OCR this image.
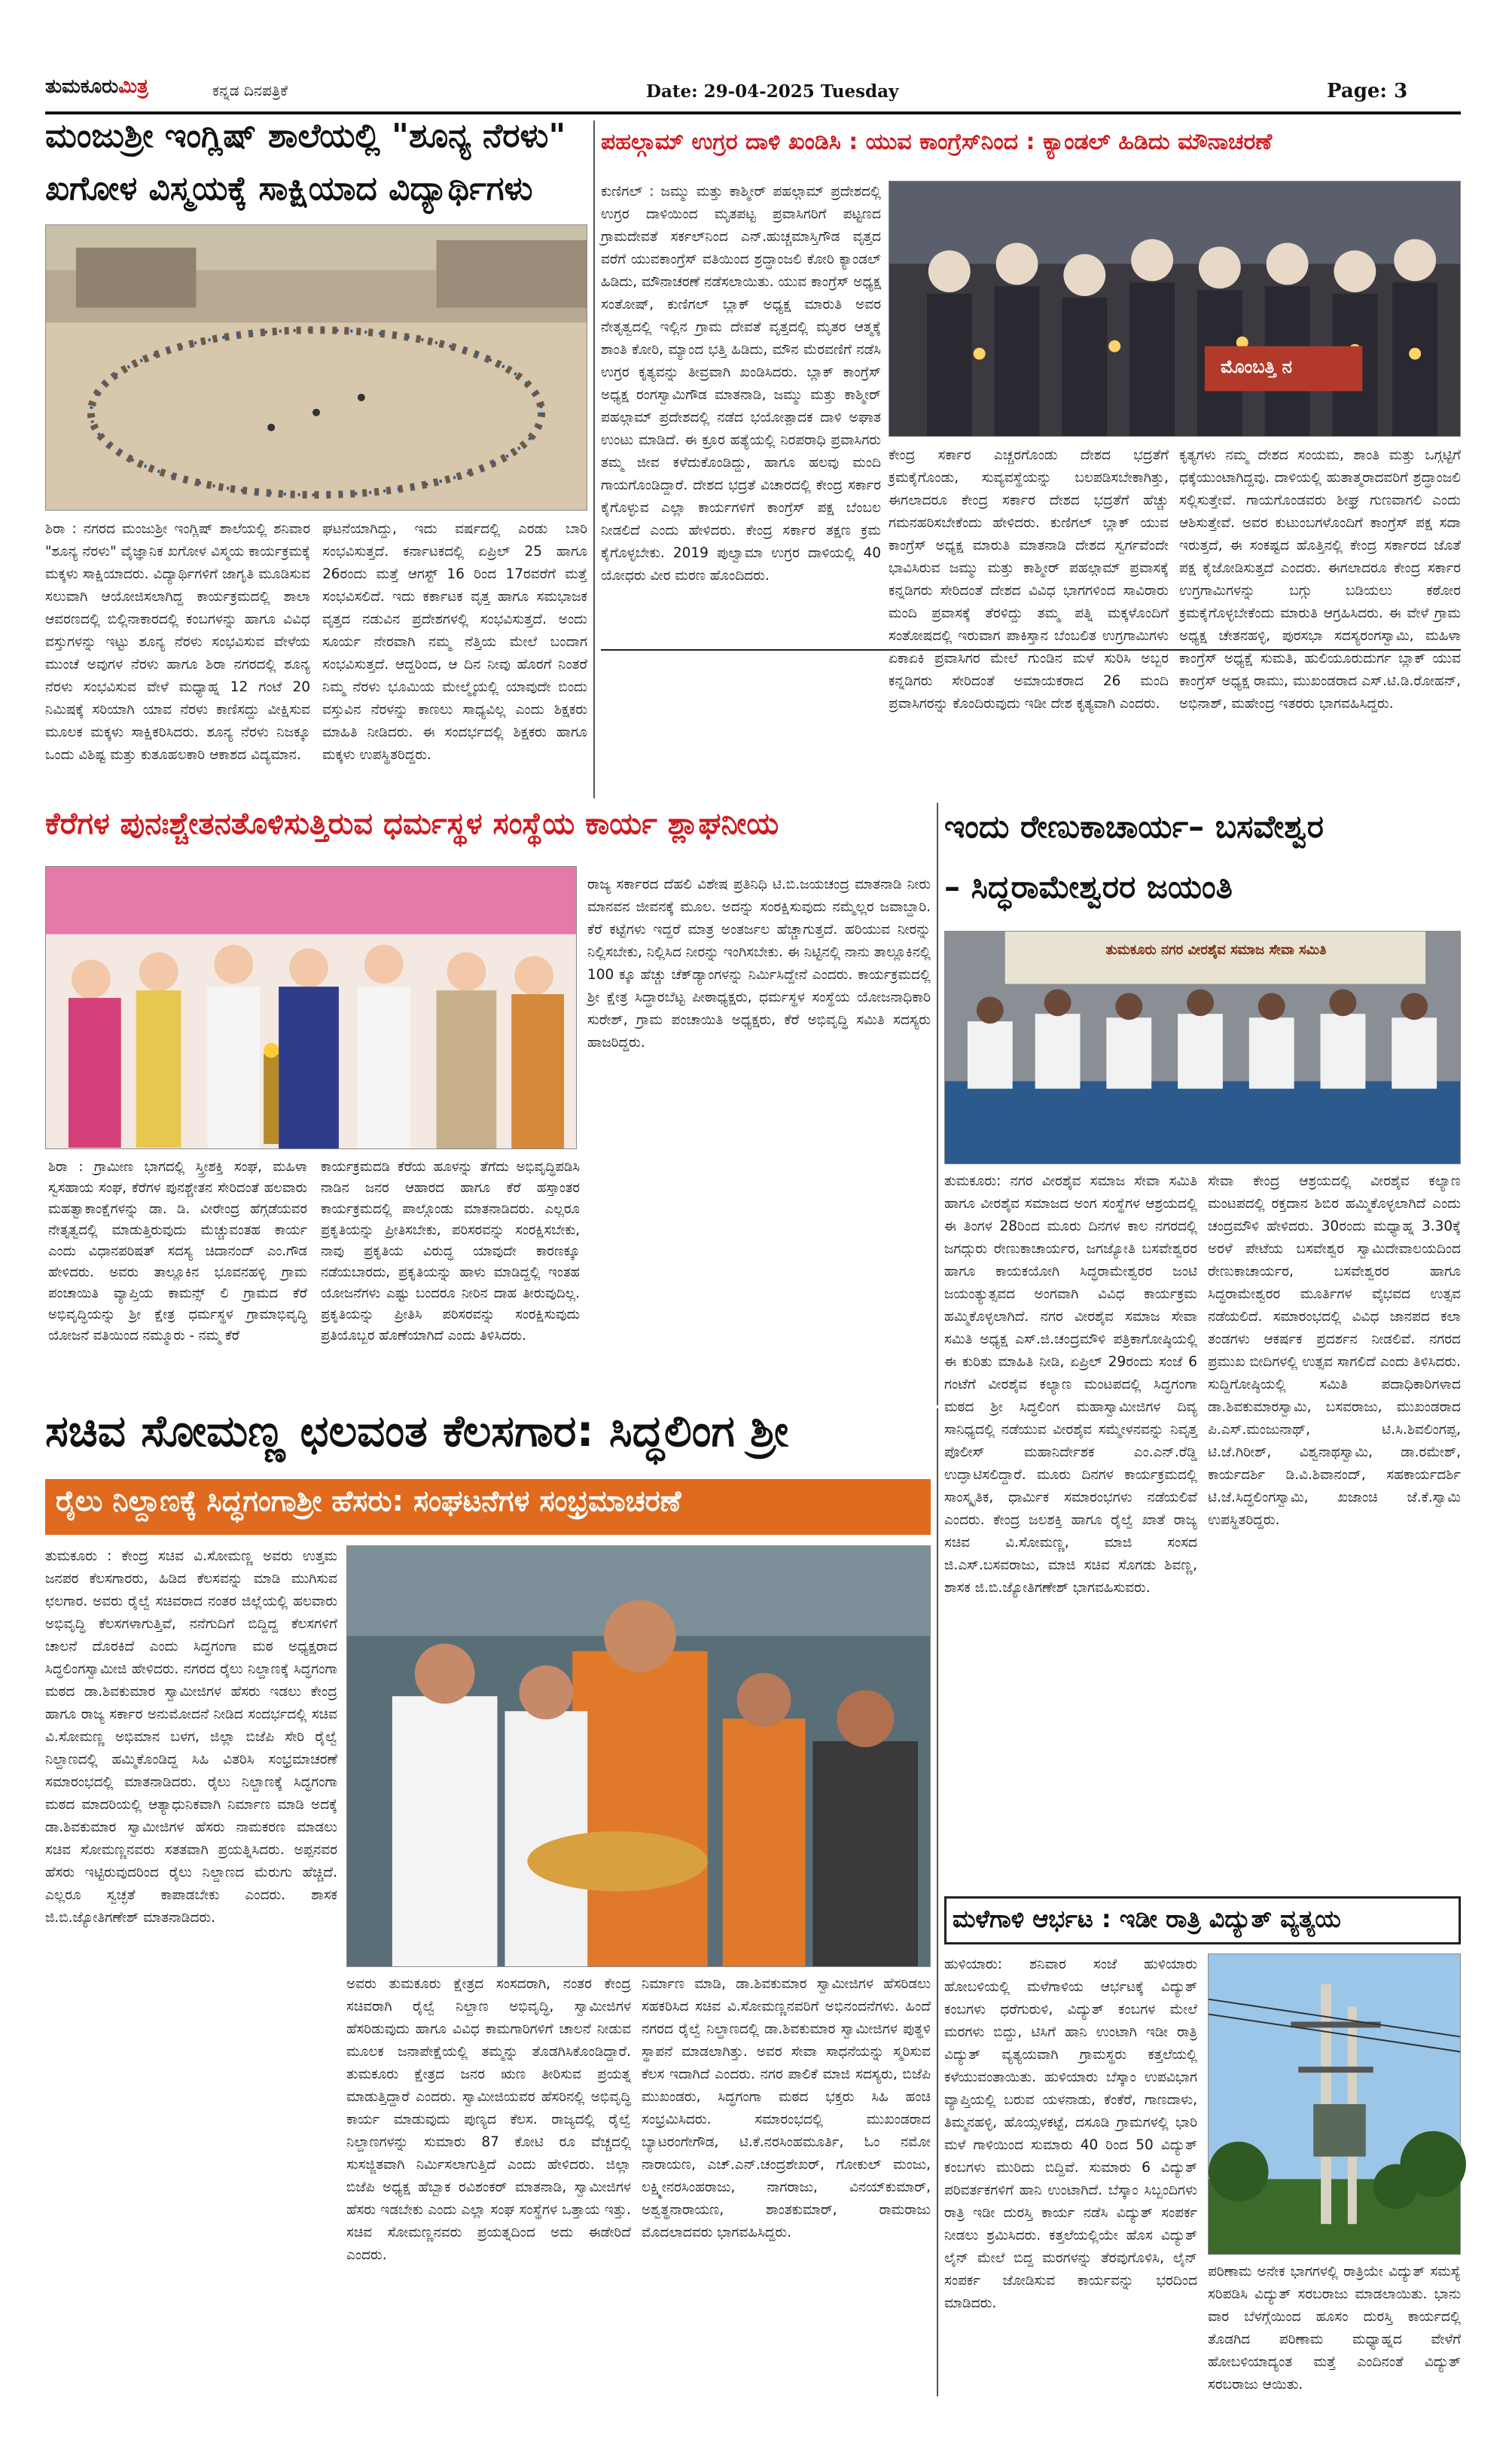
ತುಮಕೂರುಮಿತ್ರ	ಕನ್ನಡ ದಿನಪತ್ರಿಕೆ	Date: 29-04-2025 Tuesday	Page: 3
ಮಂಜುಶ್ರೀ ಇಂಗ್ಲಿಷ್ ಶಾಲೆಯಲ್ಲಿ "ಶೂನ್ಯ ನೆರಳು"
ಖಗೋಳ ವಿಸ್ಮಯಕ್ಕೆ ಸಾಕ್ಷಿಯಾದ ವಿದ್ಯಾರ್ಥಿಗಳು
ಶಿರಾ : ನಗರದ ಮಂಜುಶ್ರೀ ಇಂಗ್ಲಿಷ್ ಶಾಲೆಯಲ್ಲಿ ಶನಿವಾರ "ಶೂನ್ಯ ನೆರಳು" ವೈಜ್ಞಾನಿಕ ಖಗೋಳ ವಿಸ್ಮಯ ಕಾರ್ಯಕ್ರಮಕ್ಕೆ ಮಕ್ಕಳು ಸಾಕ್ಷಿಯಾದರು. ವಿದ್ಯಾರ್ಥಿಗಳಿಗೆ ಜಾಗೃತಿ ಮೂಡಿಸುವ ಸಲುವಾಗಿ ಆಯೋಜಿಸಲಾಗಿದ್ದ ಕಾರ್ಯಕ್ರಮದಲ್ಲಿ ಶಾಲಾ ಆವರಣದಲ್ಲಿ ಬಿಲ್ಲಿನಾಕಾರದಲ್ಲಿ ಕಂಬಗಳನ್ನು ಹಾಗೂ ವಿವಿಧ ವಸ್ತುಗಳನ್ನು ಇಟ್ಟು ಶೂನ್ಯ ನೆರಳು ಸಂಭವಿಸುವ ವೇಳೆಯ ಮುಂಚೆ ಅವುಗಳ ನೆರಳು ಹಾಗೂ ಶಿರಾ ನಗರದಲ್ಲಿ ಶೂನ್ಯ ನೆರಳು ಸಂಭವಿಸುವ ವೇಳೆ ಮಧ್ಯಾಹ್ನ 12 ಗಂಟೆ 20 ನಿಮಿಷಕ್ಕೆ ಸರಿಯಾಗಿ ಯಾವ ನೆರಳು ಕಾಣಿಸದ್ದು ವೀಕ್ಷಿಸುವ ಮೂಲಕ ಮಕ್ಕಳು ಸಾಕ್ಷಿಕರಿಸಿದರು. ಶೂನ್ಯ ನೆರಳು ನಿಜಕ್ಕೂ ಒಂದು ವಿಶಿಷ್ಟ ಮತ್ತು ಕುತೂಹಲಕಾರಿ ಆಕಾಶದ ವಿದ್ಯಮಾನ.
ಘಟನೆಯಾಗಿದ್ದು, ಇದು ವರ್ಷದಲ್ಲಿ ಎರಡು ಬಾರಿ ಸಂಭವಿಸುತ್ತದೆ. ಕರ್ನಾಟಕದಲ್ಲಿ ಏಪ್ರಿಲ್ 25 ಹಾಗೂ 26ರಂದು ಮತ್ತೆ ಆಗಸ್ಟ್ 16 ರಿಂದ 17ರವರೆಗೆ ಮತ್ತೆ ಸಂಭವಿಸಲಿದೆ. ಇದು ಕರ್ಕಾಟಕ ವೃತ್ತ ಹಾಗೂ ಸಮಭಾಜಕ ವೃತ್ತದ ನಡುವಿನ ಪ್ರದೇಶಗಳಲ್ಲಿ ಸಂಭವಿಸುತ್ತದೆ. ಅಂದು ಸೂರ್ಯ ನೇರವಾಗಿ ನಮ್ಮ ನೆತ್ತಿಯ ಮೇಲೆ ಬಂದಾಗ ಸಂಭವಿಸುತ್ತದೆ. ಆದ್ದರಿಂದ, ಆ ದಿನ ನೀವು ಹೊರಗೆ ನಿಂತರೆ ನಿಮ್ಮ ನೆರಳು ಭೂಮಿಯ ಮೇಲ್ಮೈಯಲ್ಲಿ ಯಾವುದೇ ಬಿಂದು ವಸ್ತುವಿನ ನೆರಳನ್ನು ಕಾಣಲು ಸಾಧ್ಯವಿಲ್ಲ ಎಂದು ಶಿಕ್ಷಕರು ಮಾಹಿತಿ ನೀಡಿದರು. ಈ ಸಂದರ್ಭದಲ್ಲಿ ಶಿಕ್ಷಕರು ಹಾಗೂ ಮಕ್ಕಳು ಉಪಸ್ಥಿತರಿದ್ದರು.
ಪಹಲ್ಗಾಮ್ ಉಗ್ರರ ದಾಳಿ ಖಂಡಿಸಿ : ಯುವ ಕಾಂಗ್ರೆಸ್‌ನಿಂದ : ಕ್ಯಾಂಡಲ್ ಹಿಡಿದು ಮೌನಾಚರಣೆ
ಕುಣಿಗಲ್ : ಜಮ್ಮು ಮತ್ತು ಕಾಶ್ಮೀರ್ ಪಹಲ್ಗಾಮ್ ಪ್ರದೇಶದಲ್ಲಿ ಉಗ್ರರ ದಾಳಿಯಿಂದ ಮೃತಪಟ್ಟ ಪ್ರವಾಸಿಗರಿಗೆ ಪಟ್ಟಣದ ಗ್ರಾಮದೇವತೆ ಸರ್ಕಲ್‌ನಿಂದ ಎನ್.ಹುಚ್ಚಮಾಸ್ತಿಗೌಡ ವೃತ್ತದ ವರೆಗೆ ಯುವಕಾಂಗ್ರೆಸ್ ವತಿಯಿಂದ ಶ್ರದ್ಧಾಂಜಲಿ ಕೋರಿ ಕ್ಯಾಂಡಲ್ ಹಿಡಿದು, ಮೌನಾಚರಣೆ ನಡೆಸಲಾಯಿತು. ಯುವ ಕಾಂಗ್ರೆಸ್ ಅಧ್ಯಕ್ಷ ಸಂತೋಷ್, ಕುಣಿಗಲ್ ಬ್ಲಾಕ್ ಅಧ್ಯಕ್ಷ ಮಾರುತಿ ಅವರ ನೇತೃತ್ವದಲ್ಲಿ ಇಲ್ಲಿನ ಗ್ರಾಮ ದೇವತೆ ವೃತ್ತದಲ್ಲಿ ಮೃತರ ಆತ್ಮಕ್ಕೆ ಶಾಂತಿ ಕೋರಿ, ಮ್ಯಾಂದ ಭತ್ತಿ ಹಿಡಿದು, ಮೌನ ಮೆರವಣಿಗೆ ನಡೆಸಿ ಉಗ್ರರ ಕೃತ್ಯವನ್ನು ತೀವ್ರವಾಗಿ ಖಂಡಿಸಿದರು. ಬ್ಲಾಕ್ ಕಾಂಗ್ರೆಸ್ ಅಧ್ಯಕ್ಷ ರಂಗಸ್ವಾಮಿಗೌಡ ಮಾತನಾಡಿ, ಜಮ್ಮು ಮತ್ತು ಕಾಶ್ಮೀರ್ ಪಹಲ್ಗಾಮ್ ಪ್ರದೇಶದಲ್ಲಿ ನಡೆದ ಭಯೋತ್ಪಾದಕ ದಾಳಿ ಅಘಾತ ಉಂಟು ಮಾಡಿದೆ. ಈ ಕ್ರೂರ ಹತ್ಯೆಯಲ್ಲಿ ನಿರಪರಾಧಿ ಪ್ರವಾಸಿಗರು ತಮ್ಮ ಜೀವ ಕಳೆದುಕೊಂಡಿದ್ದು, ಹಾಗೂ ಹಲವು ಮಂದಿ ಗಾಯಗೊಂಡಿದ್ದಾರೆ. ದೇಶದ ಭದ್ರತೆ ವಿಚಾರದಲ್ಲಿ ಕೇಂದ್ರ ಸರ್ಕಾರ ಕೈಗೊಳ್ಳುವ ಎಲ್ಲಾ ಕಾರ್ಯಗಳಿಗೆ ಕಾಂಗ್ರೆಸ್ ಪಕ್ಷ ಬೆಂಬಲ ನೀಡಲಿದೆ ಎಂದು ಹೇಳಿದರು. ಕೇಂದ್ರ ಸರ್ಕಾರ ತಕ್ಷಣ ಕ್ರಮ ಕೈಗೊಳ್ಳಬೇಕು. 2019 ಪುಲ್ವಾಮಾ ಉಗ್ರರ ದಾಳಿಯಲ್ಲಿ 40 ಯೋಧರು ವೀರ ಮರಣ ಹೊಂದಿದರು.
ಮೊಂಬತ್ತಿ ನ
ಕೇಂದ್ರ ಸರ್ಕಾರ ಎಚ್ಚರಗೊಂಡು ದೇಶದ ಭದ್ರತೆಗೆ ಕ್ರಮಕೈಗೊಂಡು, ಸುವ್ಯವಸ್ಥೆಯನ್ನು ಬಲಪಡಿಸಬೇಕಾಗಿತ್ತು, ಈಗಲಾದರೂ ಕೇಂದ್ರ ಸರ್ಕಾರ ದೇಶದ ಭದ್ರತೆಗೆ ಹೆಚ್ಚು ಗಮನಹರಿಸಬೇಕೆಂದು ಹೇಳಿದರು. ಕುಣಿಗಲ್ ಬ್ಲಾಕ್ ಯುವ ಕಾಂಗ್ರೆಸ್ ಅಧ್ಯಕ್ಷ ಮಾರುತಿ ಮಾತನಾಡಿ ದೇಶದ ಸ್ವರ್ಗವೆಂದೇ ಭಾವಿಸಿರುವ ಜಮ್ಮು ಮತ್ತು ಕಾಶ್ಮೀರ್ ಪಹಲ್ಗಾಮ್ ಪ್ರವಾಸಕ್ಕೆ ಕನ್ನಡಿಗರು ಸೇರಿದಂತೆ ದೇಶದ ವಿವಿಧ ಭಾಗಗಳಿಂದ ಸಾವಿರಾರು ಮಂದಿ ಪ್ರವಾಸಕ್ಕೆ ತೆರಳಿದ್ದು ತಮ್ಮ ಪತ್ನಿ ಮಕ್ಕಳೊಂದಿಗೆ ಸಂತೋಷದಲ್ಲಿ ಇರುವಾಗ ಪಾಕಿಸ್ತಾನ ಬೆಂಬಲಿತ ಉಗ್ರಗಾಮಿಗಳು ಏಕಾಏಕಿ ಪ್ರವಾಸಿಗರ ಮೇಲೆ ಗುಂಡಿನ ಮಳೆ ಸುರಿಸಿ ಅಬ್ಬರ ಕನ್ನಡಿಗರು ಸೇರಿದಂತೆ ಅಮಾಯಕರಾದ 26 ಮಂದಿ ಪ್ರವಾಸಿಗರನ್ನು ಕೊಂದಿರುವುದು ಇಡೀ ದೇಶ ಕೃತ್ಯವಾಗಿ ಎಂದರು.
ಕೃತ್ಯಗಳು ನಮ್ಮ ದೇಶದ ಸಂಯಮ, ಶಾಂತಿ ಮತ್ತು ಒಗ್ಗಟ್ಟಿಗೆ ಧಕ್ಕೆಯುಂಟಾಗಿದ್ದವು. ದಾಳಿಯಲ್ಲಿ ಹುತಾತ್ಮರಾದವರಿಗೆ ಶ್ರದ್ಧಾಂಜಲಿ ಸಲ್ಲಿಸುತ್ತೇವೆ. ಗಾಯಗೊಂಡವರು ಶೀಘ್ರ ಗುಣವಾಗಲಿ ಎಂದು ಆಶಿಸುತ್ತೇವೆ. ಅವರ ಕುಟುಂಬಗಳೊಂದಿಗೆ ಕಾಂಗ್ರೆಸ್ ಪಕ್ಷ ಸದಾ ಇರುತ್ತದೆ, ಈ ಸಂಕಷ್ಟದ ಹೊತ್ತಿನಲ್ಲಿ ಕೇಂದ್ರ ಸರ್ಕಾರದ ಜೊತೆ ಪಕ್ಷ ಕೈಜೋಡಿಸುತ್ತದೆ ಎಂದರು. ಈಗಲಾದರೂ ಕೇಂದ್ರ ಸರ್ಕಾರ ಉಗ್ರಗಾಮಿಗಳನ್ನು ಬಗ್ಗು ಬಡಿಯಲು ಕಠೋರ ಕ್ರಮಕೈಗೊಳ್ಳಬೇಕೆಂದು ಮಾರುತಿ ಆಗ್ರಹಿಸಿದರು. ಈ ವೇಳೆ ಗ್ರಾಮ ಅಧ್ಯಕ್ಷ ಚೇತನಹಳ್ಳಿ, ಪುರಸಭಾ ಸದಸ್ಯರಂಗಸ್ವಾಮಿ, ಮಹಿಳಾ ಕಾಂಗ್ರೆಸ್ ಅಧ್ಯಕ್ಷೆ ಸುಮತಿ, ಹುಲಿಯೂರುದುರ್ಗ ಬ್ಲಾಕ್ ಯುವ ಕಾಂಗ್ರೆಸ್ ಅಧ್ಯಕ್ಷ ರಾಮು, ಮುಖಂಡರಾದ ಎಸ್.ಟಿ.ಡಿ.ರೋಹನ್, ಅಭಿನಾಶ್, ಮಹೇಂದ್ರ ಇತರರು ಭಾಗವಹಿಸಿದ್ದರು.
ಕೆರೆಗಳ ಪುನಃಶ್ಚೇತನತೊಳಿಸುತ್ತಿರುವ ಧರ್ಮಸ್ಥಳ ಸಂಸ್ಥೆಯ ಕಾರ್ಯ ಶ್ಲಾಘನೀಯ
ಶಿರಾ : ಗ್ರಾಮೀಣ ಭಾಗದಲ್ಲಿ ಸ್ತ್ರೀಶಕ್ತಿ ಸಂಘ, ಮಹಿಳಾ ಸ್ವಸಹಾಯ ಸಂಘ, ಕೆರೆಗಳ ಪುನಶ್ಚೇತನ ಸೇರಿದಂತೆ ಹಲವಾರು ಮಹತ್ವಾಕಾಂಕ್ಷೆಗಳನ್ನು ಡಾ. ಡಿ. ವೀರೇಂದ್ರ ಹೆಗ್ಗಡೆಯವರ ನೇತೃತ್ವದಲ್ಲಿ ಮಾಡುತ್ತಿರುವುದು ಮೆಚ್ಚುವಂತಹ ಕಾರ್ಯ ಎಂದು ವಿಧಾನಪರಿಷತ್ ಸದಸ್ಯ ಚಿದಾನಂದ್ ಎಂ.ಗೌಡ ಹೇಳಿದರು. ಅವರು ತಾಲ್ಲೂಕಿನ ಭೂವನಹಳ್ಳಿ ಗ್ರಾಮ ಪಂಚಾಯಿತಿ ವ್ಯಾಪ್ತಿಯ ಕಾಮನ್ಸ್ ಲಿ ಗ್ರಾಮದ ಕೆರೆ ಅಭಿವೃದ್ಧಿಯನ್ನು ಶ್ರೀ ಕ್ಷೇತ್ರ ಧರ್ಮಸ್ಥಳ ಗ್ರಾಮಾಭಿವೃದ್ಧಿ ಯೋಜನೆ ವತಿಯಿಂದ ನಮ್ಮೂರು - ನಮ್ಮ ಕೆರೆ
ಕಾರ್ಯಕ್ರಮದಡಿ ಕೆರೆಯ ಹೂಳನ್ನು ತೆಗೆದು ಅಭಿವೃದ್ಧಿಪಡಿಸಿ ನಾಡಿನ ಜನರ ಆಹಾರದ ಹಾಗೂ ಕೆರೆ ಹಸ್ತಾಂತರ ಕಾರ್ಯಕ್ರಮದಲ್ಲಿ ಪಾಲ್ಗೊಂಡು ಮಾತನಾಡಿದರು. ಎಲ್ಲರೂ ಪ್ರಕೃತಿಯನ್ನು ಪ್ರೀತಿಸಬೇಕು, ಪರಿಸರವನ್ನು ಸಂರಕ್ಷಿಸಬೇಕು, ನಾವು ಪ್ರಕೃತಿಯ ವಿರುದ್ಧ ಯಾವುದೇ ಕಾರಣಕ್ಕೂ ನಡೆಯಬಾರದು, ಪ್ರಕೃತಿಯನ್ನು ಹಾಳು ಮಾಡಿದ್ದಲ್ಲಿ ಇಂತಹ ಯೋಜನೆಗಳು ಎಷ್ಟು ಬಂದರೂ ನೀರಿನ ದಾಹ ತೀರುವುದಿಲ್ಲ. ಪ್ರಕೃತಿಯನ್ನು ಪ್ರೀತಿಸಿ ಪರಿಸರವನ್ನು ಸಂರಕ್ಷಿಸುವುದು ಪ್ರತಿಯೊಬ್ಬರ ಹೊಣೆಯಾಗಿದೆ ಎಂದು ತಿಳಿಸಿದರು.
ರಾಜ್ಯ ಸರ್ಕಾರದ ದೆಹಲಿ ವಿಶೇಷ ಪ್ರತಿನಿಧಿ ಟಿ.ಬಿ.ಜಯಚಂದ್ರ ಮಾತನಾಡಿ ನೀರು ಮಾನವನ ಜೀವನಕ್ಕೆ ಮೂಲ. ಅದನ್ನು ಸಂರಕ್ಷಿಸುವುದು ನಮ್ಮೆಲ್ಲರ ಜವಾಬ್ದಾರಿ. ಕೆರೆ ಕಟ್ಟೆಗಳು ಇದ್ದರೆ ಮಾತ್ರ ಅಂತರ್ಜಲ ಹೆಚ್ಚಾಗುತ್ತದೆ. ಹರಿಯುವ ನೀರನ್ನು ನಿಲ್ಲಿಸಬೇಕು, ನಿಲ್ಲಿಸಿದ ನೀರನ್ನು ಇಂಗಿಸಬೇಕು. ಈ ನಿಟ್ಟಿನಲ್ಲಿ ನಾನು ತಾಲ್ಲೂಕಿನಲ್ಲಿ 100 ಕ್ಕೂ ಹೆಚ್ಚು ಚೆಕ್‌ಡ್ಯಾಂಗಳನ್ನು ನಿರ್ಮಿಸಿದ್ದೇನೆ ಎಂದರು. ಕಾರ್ಯಕ್ರಮದಲ್ಲಿ ಶ್ರೀ ಕ್ಷೇತ್ರ ಸಿದ್ಧಾರಬೆಟ್ಟ ಪೀಠಾಧ್ಯಕ್ಷರು, ಧರ್ಮಸ್ಥಳ ಸಂಸ್ಥೆಯ ಯೋಜನಾಧಿಕಾರಿ ಸುರೇಶ್, ಗ್ರಾಮ ಪಂಚಾಯಿತಿ ಅಧ್ಯಕ್ಷರು, ಕೆರೆ ಅಭಿವೃದ್ಧಿ ಸಮಿತಿ ಸದಸ್ಯರು ಹಾಜರಿದ್ದರು.
ಇಂದು ರೇಣುಕಾಚಾರ್ಯ– ಬಸವೇಶ್ವರ
– ಸಿದ್ಧರಾಮೇಶ್ವರರ ಜಯಂತಿ
ತುಮಕೂರು ನಗರ ವೀರಶೈವ ಸಮಾಜ ಸೇವಾ ಸಮಿತಿ
ತುಮಕೂರು: ನಗರ ವೀರಶೈವ ಸಮಾಜ ಸೇವಾ ಸಮಿತಿ ಹಾಗೂ ವೀರಶೈವ ಸಮಾಜದ ಅಂಗ ಸಂಸ್ಥೆಗಳ ಆಶ್ರಯದಲ್ಲಿ ಈ ತಿಂಗಳ 28ರಿಂದ ಮೂರು ದಿನಗಳ ಕಾಲ ನಗರದಲ್ಲಿ ಜಗದ್ಗುರು ರೇಣುಕಾಚಾರ್ಯರ, ಜಗಜ್ಯೋತಿ ಬಸವೇಶ್ವರರ ಹಾಗೂ ಕಾಯಕಯೋಗಿ ಸಿದ್ಧರಾಮೇಶ್ವರರ ಜಂಟಿ ಜಯಂತ್ಯುತ್ಸವದ ಅಂಗವಾಗಿ ವಿವಿಧ ಕಾರ್ಯಕ್ರಮ ಹಮ್ಮಿಕೊಳ್ಳಲಾಗಿದೆ. ನಗರ ವೀರಶೈವ ಸಮಾಜ ಸೇವಾ ಸಮಿತಿ ಅಧ್ಯಕ್ಷ ಎಸ್.ಜಿ.ಚಂದ್ರಮೌಳಿ ಪತ್ರಿಕಾಗೋಷ್ಠಿಯಲ್ಲಿ ಈ ಕುರಿತು ಮಾಹಿತಿ ನೀಡಿ, ಏಪ್ರಿಲ್ 29ರಂದು ಸಂಜೆ 6 ಗಂಟೆಗೆ ವೀರಶೈವ ಕಲ್ಯಾಣ ಮಂಟಪದಲ್ಲಿ ಸಿದ್ಧಗಂಗಾ ಮಠದ ಶ್ರೀ ಸಿದ್ಧಲಿಂಗ ಮಹಾಸ್ವಾಮೀಜಿಗಳ ದಿವ್ಯ ಸಾನಿಧ್ಯದಲ್ಲಿ ನಡೆಯುವ ವೀರಶೈವ ಸಮ್ಮೇಳನವನ್ನು ನಿವೃತ್ತ ಪೊಲೀಸ್ ಮಹಾನಿರ್ದೇಶಕ ಎಂ.ಎನ್.ರೆಡ್ಡಿ ಉದ್ಘಾಟಿಸಲಿದ್ದಾರೆ. ಮೂರು ದಿನಗಳ ಕಾರ್ಯಕ್ರಮದಲ್ಲಿ ಸಾಂಸ್ಕೃತಿಕ, ಧಾರ್ಮಿಕ ಸಮಾರಂಭಗಳು ನಡೆಯಲಿವೆ ಎಂದರು. ಕೇಂದ್ರ ಜಲಶಕ್ತಿ ಹಾಗೂ ರೈಲ್ವೆ ಖಾತೆ ರಾಜ್ಯ ಸಚಿವ ವಿ.ಸೋಮಣ್ಣ, ಮಾಜಿ ಸಂಸದ ಜಿ.ಎಸ್.ಬಸವರಾಜು, ಮಾಜಿ ಸಚಿವ ಸೊಗಡು ಶಿವಣ್ಣ, ಶಾಸಕ ಜಿ.ಬಿ.ಜ್ಯೋತಿಗಣೇಶ್ ಭಾಗವಹಿಸುವರು.
ಸೇವಾ ಕೇಂದ್ರ ಆಶ್ರಯದಲ್ಲಿ ವೀರಶೈವ ಕಲ್ಯಾಣ ಮಂಟಪದಲ್ಲಿ ರಕ್ತದಾನ ಶಿಬಿರ ಹಮ್ಮಿಕೊಳ್ಳಲಾಗಿದೆ ಎಂದು ಚಂದ್ರಮೌಳಿ ಹೇಳಿದರು. 30ರಂದು ಮಧ್ಯಾಹ್ನ 3.30ಕ್ಕೆ ಅರಳೆ ಪೇಟೆಯ ಬಸವೇಶ್ವರ ಸ್ವಾಮಿದೇವಾಲಯದಿಂದ ರೇಣುಕಾಚಾರ್ಯರ, ಬಸವೇಶ್ವರರ ಹಾಗೂ ಸಿದ್ಧರಾಮೇಶ್ವರರ ಮೂರ್ತಿಗಳ ವೈಭವದ ಉತ್ಸವ ನಡೆಯಲಿದೆ. ಸಮಾರಂಭದಲ್ಲಿ ವಿವಿಧ ಜಾನಪದ ಕಲಾ ತಂಡಗಳು ಆಕರ್ಷಕ ಪ್ರದರ್ಶನ ನೀಡಲಿವೆ. ನಗರದ ಪ್ರಮುಖ ಬೀದಿಗಳಲ್ಲಿ ಉತ್ಸವ ಸಾಗಲಿದೆ ಎಂದು ತಿಳಿಸಿದರು. ಸುದ್ದಿಗೋಷ್ಠಿಯಲ್ಲಿ ಸಮಿತಿ ಪದಾಧಿಕಾರಿಗಳಾದ ಡಾ.ಶಿವಕುಮಾರಸ್ವಾಮಿ, ಬಸವರಾಜು, ಮುಖಂಡರಾದ ಪಿ.ಎಸ್.ಮಂಜುನಾಥ್, ಟಿ.ಸಿ.ಶಿವಲಿಂಗಪ್ಪ, ಟಿ.ಜೆ.ಗಿರೀಶ್, ವಿಶ್ವನಾಥಸ್ವಾಮಿ, ಡಾ.ರಮೇಶ್, ಕಾರ್ಯದರ್ಶಿ ಡಿ.ವಿ.ಶಿವಾನಂದ್, ಸಹಕಾರ್ಯದರ್ಶಿ ಟಿ.ಜೆ.ಸಿದ್ಧಲಿಂಗಸ್ವಾಮಿ, ಖಜಾಂಚಿ ಜೆ.ಕೆ.ಸ್ವಾಮಿ ಉಪಸ್ಥಿತರಿದ್ದರು.
ಸಚಿವ ಸೋಮಣ್ಣ ಛಲವಂತ ಕೆಲಸಗಾರ: ಸಿದ್ಧಲಿಂಗ ಶ್ರೀ
ರೈಲು ನಿಲ್ದಾಣಕ್ಕೆ ಸಿದ್ಧಗಂಗಾಶ್ರೀ ಹೆಸರು: ಸಂಘಟನೆಗಳ ಸಂಭ್ರಮಾಚರಣೆ
ತುಮಕೂರು : ಕೇಂದ್ರ ಸಚಿವ ವಿ.ಸೋಮಣ್ಣ ಅವರು ಉತ್ತಮ ಜನಪರ ಕೆಲಸಗಾರರು, ಹಿಡಿದ ಕೆಲಸವನ್ನು ಮಾಡಿ ಮುಗಿಸುವ ಛಲಗಾರ. ಅವರು ರೈಲ್ವೆ ಸಚಿವರಾದ ನಂತರ ಜಿಲ್ಲೆಯಲ್ಲಿ ಹಲವಾರು ಅಭಿವೃದ್ಧಿ ಕೆಲಸಗಳಾಗುತ್ತಿವೆ, ನನೆಗುದಿಗೆ ಬಿದ್ದಿದ್ದ ಕೆಲಸಗಳಿಗೆ ಚಾಲನೆ ದೊರಕಿದೆ ಎಂದು ಸಿದ್ಧಗಂಗಾ ಮಠ ಅಧ್ಯಕ್ಷರಾದ ಸಿದ್ಧಲಿಂಗಸ್ವಾಮೀಜಿ ಹೇಳಿದರು. ನಗರದ ರೈಲು ನಿಲ್ದಾಣಕ್ಕೆ ಸಿದ್ಧಗಂಗಾ ಮಠದ ಡಾ.ಶಿವಕುಮಾರ ಸ್ವಾಮೀಜಿಗಳ ಹೆಸರು ಇಡಲು ಕೇಂದ್ರ ಹಾಗೂ ರಾಜ್ಯ ಸರ್ಕಾರ ಅನುಮೋದನೆ ನೀಡಿದ ಸಂದರ್ಭದಲ್ಲಿ ಸಚಿವ ವಿ.ಸೋಮಣ್ಣ ಅಭಿಮಾನ ಬಳಗ, ಜಿಲ್ಲಾ ಬಿಜೆಪಿ ಸೇರಿ ರೈಲ್ವೆ ನಿಲ್ದಾಣದಲ್ಲಿ ಹಮ್ಮಿಕೊಂಡಿದ್ದ ಸಿಹಿ ವಿತರಿಸಿ ಸಂಭ್ರಮಾಚರಣೆ ಸಮಾರಂಭದಲ್ಲಿ ಮಾತನಾಡಿದರು. ರೈಲು ನಿಲ್ದಾಣಕ್ಕೆ ಸಿದ್ಧಗಂಗಾ ಮಠದ ಮಾದರಿಯಲ್ಲಿ ಆತ್ಯಾಧುನಿಕವಾಗಿ ನಿರ್ಮಾಣ ಮಾಡಿ ಅದಕ್ಕೆ ಡಾ.ಶಿವಕುಮಾರ ಸ್ವಾಮೀಜಿಗಳ ಹೆಸರು ನಾಮಕರಣ ಮಾಡಲು ಸಚಿವ ಸೋಮಣ್ಣನವರು ಸತತವಾಗಿ ಪ್ರಯತ್ನಿಸಿದರು. ಅಪ್ಪನವರ ಹೆಸರು ಇಟ್ಟಿರುವುದರಿಂದ ರೈಲು ನಿಲ್ದಾಣದ ಮೆರುಗು ಹೆಚ್ಚಿದೆ. ಎಲ್ಲರೂ ಸ್ವಚ್ಛತೆ ಕಾಪಾಡಬೇಕು ಎಂದರು. ಶಾಸಕ ಜಿ.ಬಿ.ಜ್ಯೋತಿಗಣೇಶ್ ಮಾತನಾಡಿದರು.
ಅವರು ತುಮಕೂರು ಕ್ಷೇತ್ರದ ಸಂಸದರಾಗಿ, ನಂತರ ಕೇಂದ್ರ ಸಚಿವರಾಗಿ ರೈಲ್ವೆ ನಿಲ್ದಾಣ ಅಭಿವೃದ್ಧಿ, ಸ್ವಾಮೀಜಿಗಳ ಹೆಸರಿಡುವುದು ಹಾಗೂ ವಿವಿಧ ಕಾಮಗಾರಿಗಳಿಗೆ ಚಾಲನೆ ನೀಡುವ ಮೂಲಕ ಜನಾಪೇಕ್ಷೆಯಲ್ಲಿ ತಮ್ಮನ್ನು ತೊಡಗಿಸಿಕೊಂಡಿದ್ದಾರೆ. ತುಮಕೂರು ಕ್ಷೇತ್ರದ ಜನರ ಋಣ ತೀರಿಸುವ ಪ್ರಯತ್ನ ಮಾಡುತ್ತಿದ್ದಾರೆ ಎಂದರು. ಸ್ವಾಮೀಜಿಯವರ ಹೆಸರಿನಲ್ಲಿ ಅಭಿವೃದ್ಧಿ ಕಾರ್ಯ ಮಾಡುವುದು ಪುಣ್ಯದ ಕೆಲಸ. ರಾಜ್ಯದಲ್ಲಿ ರೈಲ್ವೆ ನಿಲ್ದಾಣಗಳನ್ನು ಸುಮಾರು 87 ಕೋಟಿ ರೂ ವೆಚ್ಚದಲ್ಲಿ ಸುಸಜ್ಜಿತವಾಗಿ ನಿರ್ಮಿಸಲಾಗುತ್ತಿದೆ ಎಂದು ಹೇಳಿದರು. ಜಿಲ್ಲಾ ಬಿಜೆಪಿ ಅಧ್ಯಕ್ಷ ಹೆಬ್ಬಾಕ ರವಿಶಂಕರ್ ಮಾತನಾಡಿ, ಸ್ವಾಮೀಜಿಗಳ ಹೆಸರು ಇಡಬೇಕು ಎಂದು ಎಲ್ಲಾ ಸಂಘ ಸಂಸ್ಥೆಗಳ ಒತ್ತಾಯ ಇತ್ತು. ಸಚಿವ ಸೋಮಣ್ಣನವರು ಪ್ರಯತ್ನದಿಂದ ಅದು ಈಡೇರಿದೆ ಎಂದರು.
ನಿರ್ಮಾಣ ಮಾಡಿ, ಡಾ.ಶಿವಕುಮಾರ ಸ್ವಾಮೀಜಿಗಳ ಹೆಸರಿಡಲು ಸಹಕರಿಸಿದ ಸಚಿವ ವಿ.ಸೋಮಣ್ಣನವರಿಗೆ ಅಭಿನಂದನೆಗಳು. ಹಿಂದೆ ನಗರದ ರೈಲ್ವೆ ನಿಲ್ದಾಣದಲ್ಲಿ ಡಾ.ಶಿವಕುಮಾರ ಸ್ವಾಮೀಜಿಗಳ ಪುತ್ಥಳಿ ಸ್ಥಾಪನೆ ಮಾಡಲಾಗಿತ್ತು. ಅವರ ಸೇವಾ ಸಾಧನೆಯನ್ನು ಸ್ಮರಿಸುವ ಕೆಲಸ ಇದಾಗಿದೆ ಎಂದರು. ನಗರ ಪಾಲಿಕೆ ಮಾಜಿ ಸದಸ್ಯರು, ಬಿಜೆಪಿ ಮುಖಂಡರು, ಸಿದ್ಧಗಂಗಾ ಮಠದ ಭಕ್ತರು ಸಿಹಿ ಹಂಚಿ ಸಂಭ್ರಮಿಸಿದರು. ಸಮಾರಂಭದಲ್ಲಿ ಮುಖಂಡರಾದ ಬ್ಯಾಟರಂಗೇಗೌಡ, ಟಿ.ಕೆ.ನರಸಿಂಹಮೂರ್ತಿ, ಓಂ ನಮೋ ನಾರಾಯಣ, ಎಚ್.ಎನ್.ಚಂದ್ರಶೇಖರ್, ಗೋಕುಲ್ ಮಂಜು, ಲಕ್ಷ್ಮೀನರಸಿಂಹರಾಜು, ನಾಗರಾಜು, ವಿನಯ್‌ಕುಮಾರ್, ಅಶ್ವತ್ಥನಾರಾಯಣ, ಶಾಂತಕುಮಾರ್, ರಾಮರಾಜು ಮೊದಲಾದವರು ಭಾಗವಹಿಸಿದ್ದರು.
ಮಳೆಗಾಳಿ ಆರ್ಭಟ : ಇಡೀ ರಾತ್ರಿ ವಿದ್ಯುತ್ ವ್ಯತ್ಯಯ
ಹುಳಿಯಾರು: ಶನಿವಾರ ಸಂಜೆ ಹುಳಿಯಾರು ಹೋಬಳಿಯಲ್ಲಿ ಮಳೆಗಾಳಿಯ ಆರ್ಭಟಕ್ಕೆ ವಿದ್ಯುತ್ ಕಂಬಗಳು ಧರೆಗುರುಳಿ, ವಿದ್ಯುತ್ ಕಂಬಗಳ ಮೇಲೆ ಮರಗಳು ಬಿದ್ದು, ಟಿಸಿಗೆ ಹಾನಿ ಉಂಟಾಗಿ ಇಡೀ ರಾತ್ರಿ ವಿದ್ಯುತ್ ವ್ಯತ್ಯಯವಾಗಿ ಗ್ರಾಮಸ್ಥರು ಕತ್ತಲೆಯಲ್ಲಿ ಕಳೆಯುವಂತಾಯಿತು. ಹುಳಿಯಾರು ಬೆಸ್ಕಾಂ ಉಪವಿಭಾಗ ವ್ಯಾಪ್ತಿಯಲ್ಲಿ ಬರುವ ಯಳನಾಡು, ಕೆಂಕೆರೆ, ಗಾಣದಾಳು, ತಿಮ್ಮನಹಳ್ಳಿ, ಹೊಯ್ಸಳಕಟ್ಟೆ, ದಸೂಡಿ ಗ್ರಾಮಗಳಲ್ಲಿ ಭಾರಿ ಮಳೆ ಗಾಳಿಯಿಂದ ಸುಮಾರು 40 ರಿಂದ 50 ವಿದ್ಯುತ್ ಕಂಬಗಳು ಮುರಿದು ಬಿದ್ದಿವೆ. ಸುಮಾರು 6 ವಿದ್ಯುತ್ ಪರಿವರ್ತಕಗಳಿಗೆ ಹಾನಿ ಉಂಟಾಗಿದೆ. ಬೆಸ್ಕಾಂ ಸಿಬ್ಬಂದಿಗಳು ರಾತ್ರಿ ಇಡೀ ದುರಸ್ತಿ ಕಾರ್ಯ ನಡೆಸಿ ವಿದ್ಯುತ್ ಸಂಪರ್ಕ ನೀಡಲು ಶ್ರಮಿಸಿದರು. ಕತ್ತಲೆಯಲ್ಲಿಯೇ ಹೊಸ ವಿದ್ಯುತ್ ಲೈನ್ ಮೇಲೆ ಬಿದ್ದ ಮರಗಳನ್ನು ತೆರವುಗೊಳಿಸಿ, ಲೈನ್ ಸಂಪರ್ಕ ಜೋಡಿಸುವ ಕಾರ್ಯವನ್ನು ಭರದಿಂದ ಮಾಡಿದರು.
ಪರಿಣಾಮ ಅನೇಕ ಭಾಗಗಳಲ್ಲಿ ರಾತ್ರಿಯೇ ವಿದ್ಯುತ್ ಸಮಸ್ಯೆ ಸರಿಪಡಿಸಿ ವಿದ್ಯುತ್ ಸರಬರಾಜು ಮಾಡಲಾಯಿತು. ಭಾನು ವಾರ ಬೆಳಗ್ಗೆಯಿಂದ ಹೂಸಂ ದುರಸ್ತಿ ಕಾರ್ಯದಲ್ಲಿ ತೊಡಗಿದ ಪರಿಣಾಮ ಮಧ್ಯಾಹ್ನದ ವೇಳೆಗೆ ಹೋಬಳಿಯಾದ್ಯಂತ ಮತ್ತೆ ಎಂದಿನಂತೆ ವಿದ್ಯುತ್ ಸರಬರಾಜು ಆಯಿತು.
